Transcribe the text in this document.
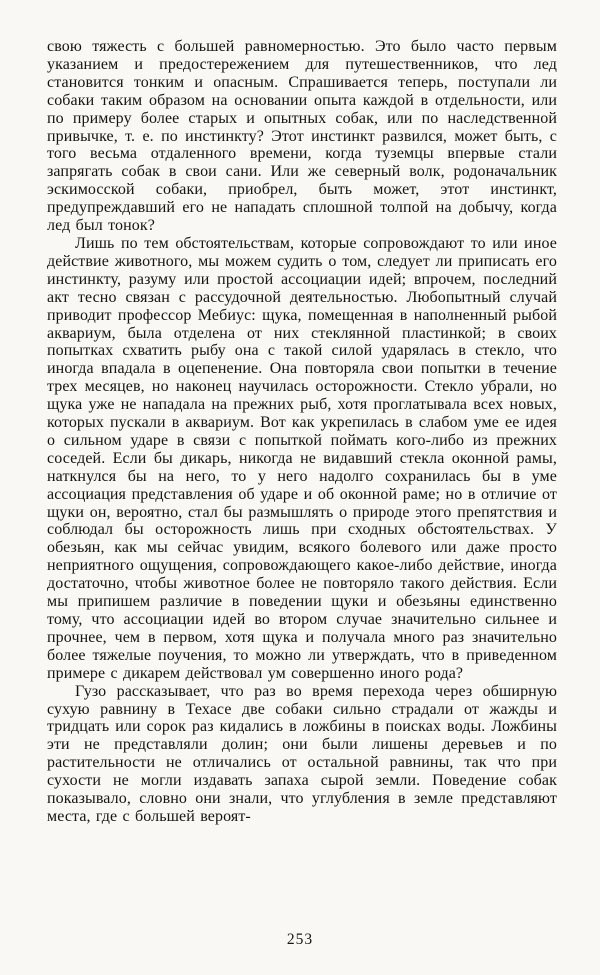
свою тяжесть с большей равномерностью. Это было часто первым указанием и предостережением для путешественников, что лед становится тонким и опасным. Спрашивается теперь, поступали ли собаки таким образом на основании опыта каждой в отдельности, или по примеру более старых и опытных собак, или по наследственной привычке, т. е. по инстинкту? Этот инстинкт развился, может быть, с того весьма отдаленного времени, когда туземцы впервые стали запрягать собак в свои сани. Или же северный волк, родоначальник эскимосской собаки, приобрел, быть может, этот инстинкт, предупреждавший его не нападать сплошной толпой на добычу, когда лед был тонок?

Лишь по тем обстоятельствам, которые сопровождают то или иное действие животного, мы можем судить о том, следует ли приписать его инстинкту, разуму или простой ассоциации идей; впрочем, последний акт тесно связан с рассудочной деятельностью. Любопытный случай приводит профессор Мебиус: щука, помещенная в наполненный рыбой аквариум, была отделена от них стеклянной пластинкой; в своих попытках схватить рыбу она с такой силой ударялась в стекло, что иногда впадала в оцепенение. Она повторяла свои попытки в течение трех месяцев, но наконец научилась осторожности. Стекло убрали, но щука уже не нападала на прежних рыб, хотя проглатывала всех новых, которых пускали в аквариум. Вот как укрепилась в слабом уме ее идея о сильном ударе в связи с попыткой поймать кого-либо из прежних соседей. Если бы дикарь, никогда не видавший стекла оконной рамы, наткнулся бы на него, то у него надолго сохранилась бы в уме ассоциация представления об ударе и об оконной раме; но в отличие от щуки он, вероятно, стал бы размышлять о природе этого препятствия и соблюдал бы осторожность лишь при сходных обстоятельствах. У обезьян, как мы сейчас увидим, всякого болевого или даже просто неприятного ощущения, сопровождающего какое-либо действие, иногда достаточно, чтобы животное более не повторяло такого действия. Если мы припишем различие в поведении щуки и обезьяны единственно тому, что ассоциации идей во втором случае значительно сильнее и прочнее, чем в первом, хотя щука и получала много раз значительно более тяжелые поучения, то можно ли утверждать, что в приведенном примере с дикарем действовал ум совершенно иного рода?

Гузо рассказывает, что раз во время перехода через обширную сухую равнину в Техасе две собаки сильно страдали от жажды и тридцать или сорок раз кидались в ложбины в поисках воды. Ложбины эти не представляли долин; они были лишены деревьев и по растительности не отличались от остальной равнины, так что при сухости не могли издавать запаха сырой земли. Поведение собак показывало, словно они знали, что углубления в земле представляют места, где с большей вероят-

253
